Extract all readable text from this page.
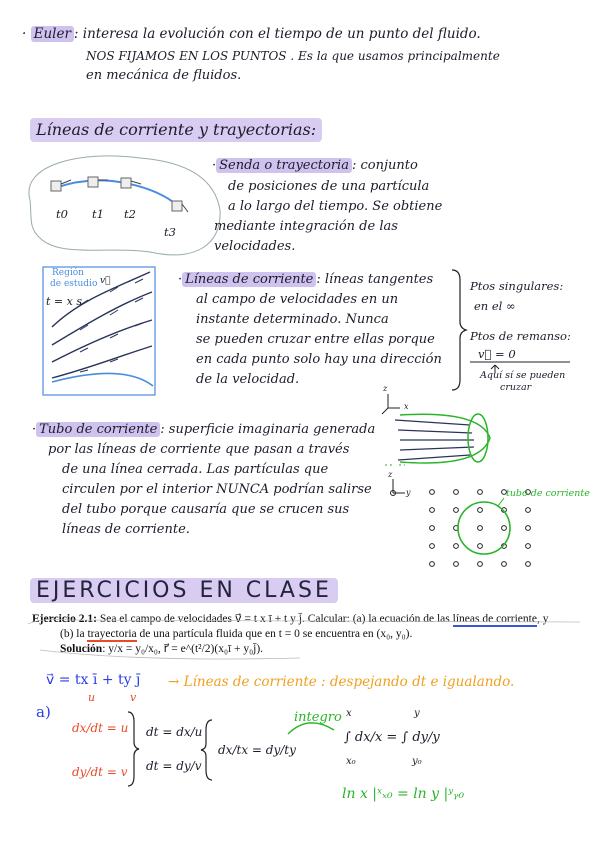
· Euler : interesa la evolución con el tiempo de un punto del fluido.
NOS FIJAMOS EN LOS PUNTOS . Es la que usamos principalmente
en mecánica de fluidos.
Líneas de corriente y trayectorias:
t0 t1 t2
t3
· Senda o trayectoria : conjunto
de posiciones de una partícula
a lo largo del tiempo. Se obtiene
mediante integración de las
velocidades.
Región
de estudio v⃗
t = x s
· Líneas de corriente : líneas tangentes
al campo de velocidades en un
instante determinado. Nunca
se pueden cruzar entre ellas porque
en cada punto solo hay una dirección
de la velocidad.
Ptos singulares:
en el ∞
Ptos de remanso:
v⃗ = 0
Aquí sí se pueden
cruzar
· Tubo de corriente : superficie imaginaria generada
por las líneas de corriente que pasan a través
de una línea cerrada. Las partículas que
circulen por el interior NUNCA podrían salirse
del tubo porque causaría que se crucen sus
líneas de corriente.
z
x
z
y	tubo de corriente
EJERCICIOS EN CLASE
Ejercicio 2.1: Sea el campo de velocidades v⃗ = t x ī + t y j̄. Calcular: (a) la ecuación de las líneas de corriente, y
(b) la trayectoria de una partícula fluida que en t = 0 se encuentra en (x₀, y₀).
Solución: y/x = y₀/x₀, r⃗ = e^(t²/2)(x₀ī + y₀j̄).
v⃗ = tx ī + ty j̄
u	v
→ Líneas de corriente : despejando dt e igualando.
a)
dx/dt = u
dy/dt = v
dt = dx/u
dt = dy/v
dx/tx = dy/ty
integro x	y
∫ dx/x = ∫ dy/y
x₀	y₀
ln x |ˣₓ₀ = ln y |ʸᵧ₀
